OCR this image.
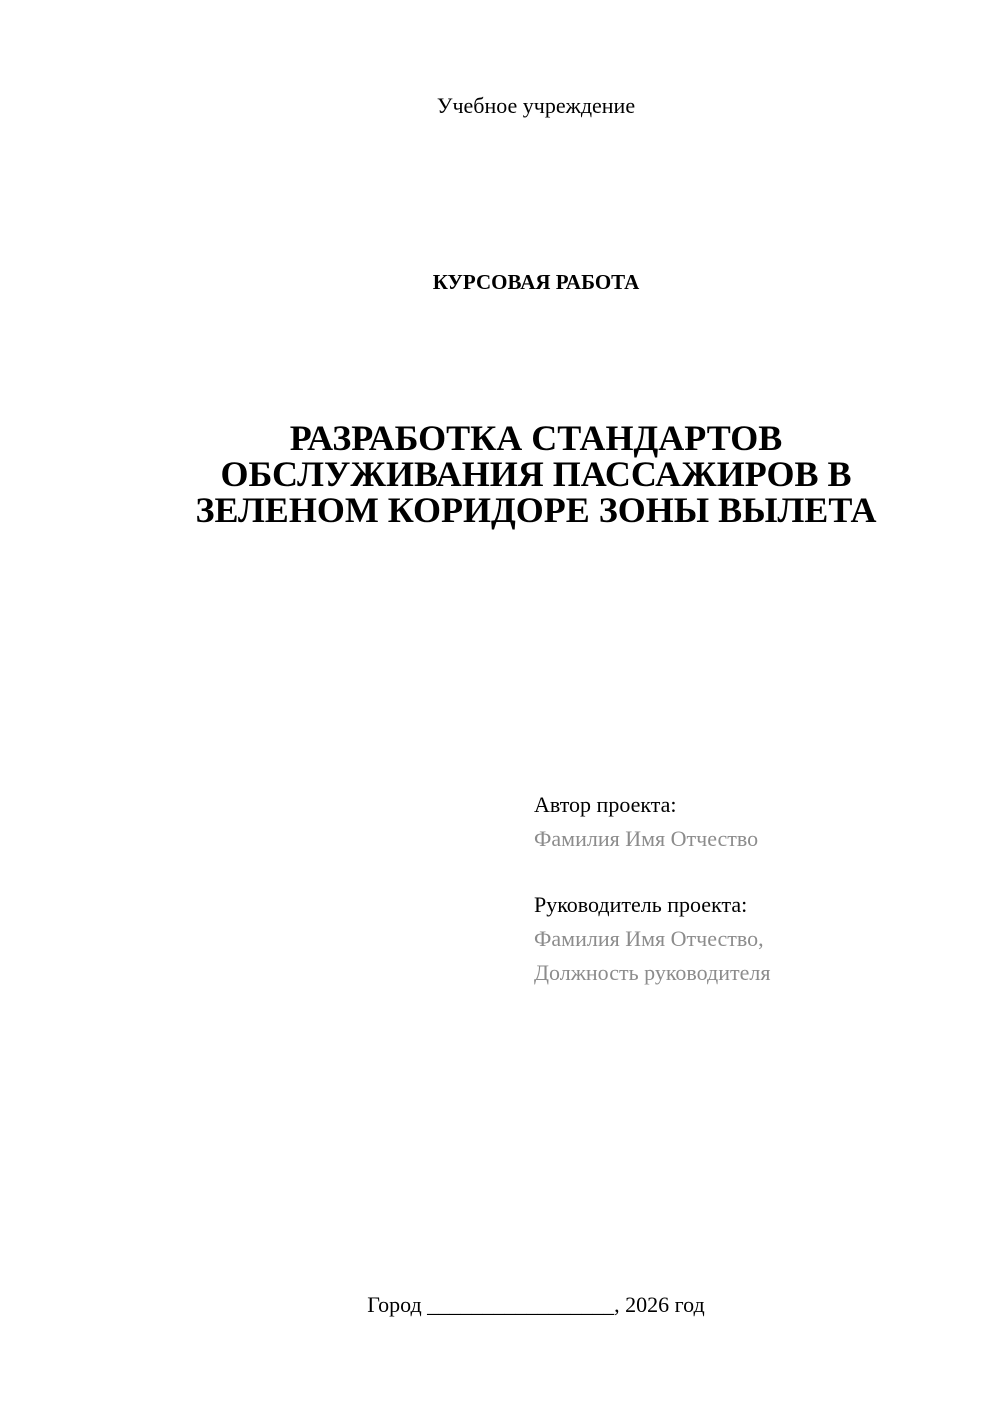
Учебное учреждение
КУРСОВАЯ РАБОТА
РАЗРАБОТКА СТАНДАРТОВ
ОБСЛУЖИВАНИЯ ПАССАЖИРОВ В
ЗЕЛЕНОМ КОРИДОРЕ ЗОНЫ ВЫЛЕТА
Автор проекта:
Фамилия Имя Отчество
Руководитель проекта:
Фамилия Имя Отчество,
Должность руководителя
Город _________________, 2026 год
